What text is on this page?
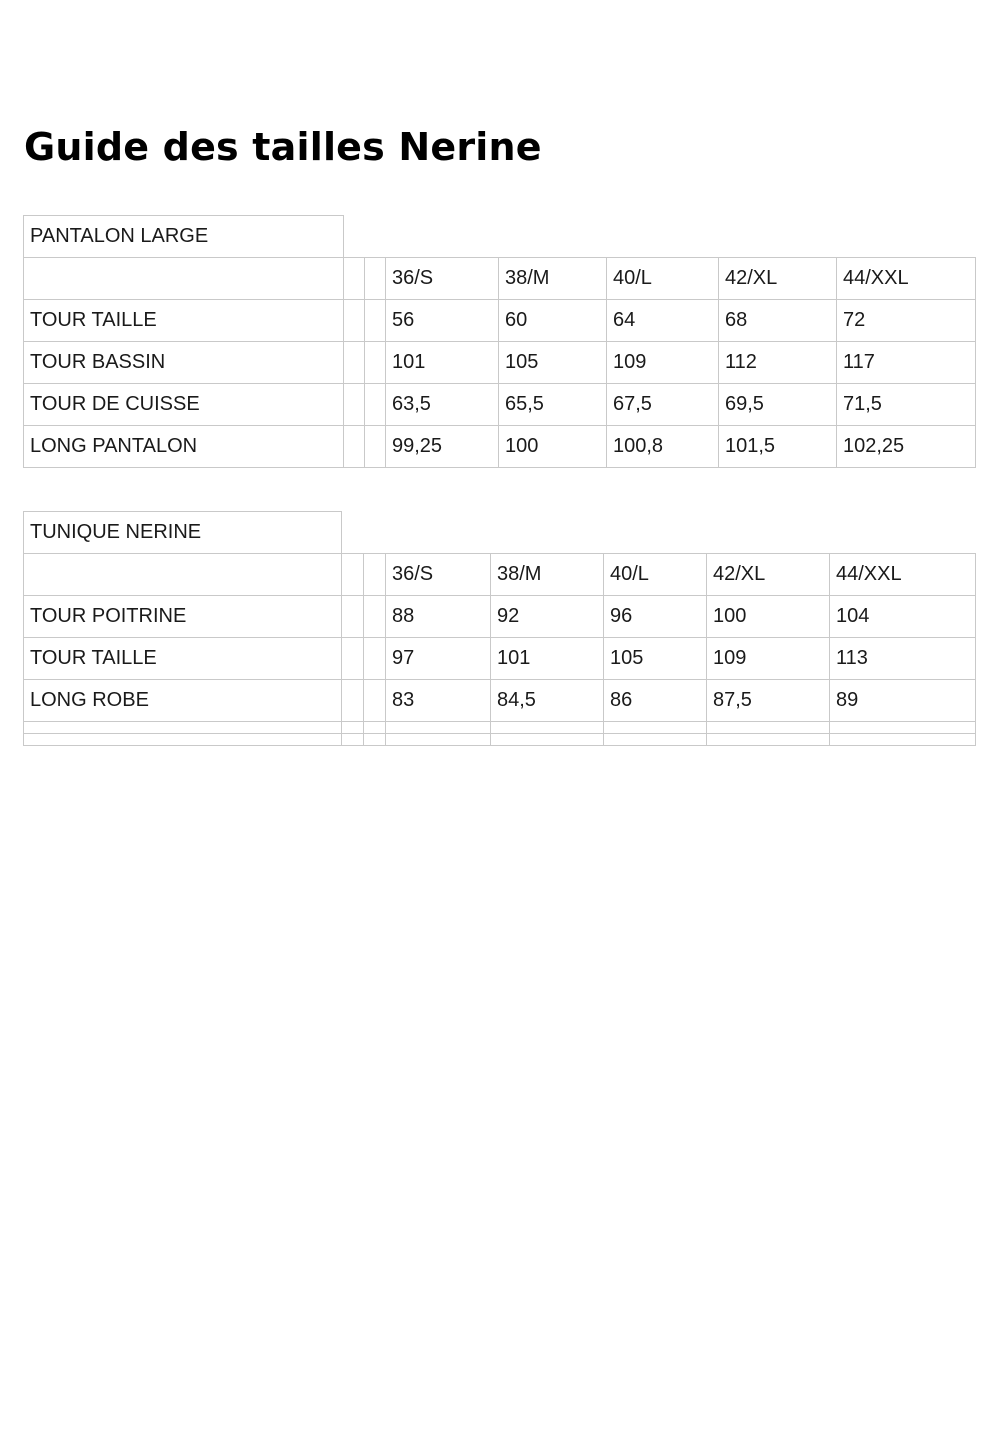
Guide des tailles Nerine
PANTALON LARGE							
			36/S	38/M	40/L	42/XL	44/XXL
TOUR TAILLE			56	60	64	68	72
TOUR BASSIN			101	105	109	112	117
TOUR DE CUISSE			63,5	65,5	67,5	69,5	71,5
LONG PANTALON			99,25	100	100,8	101,5	102,25
TUNIQUE NERINE							
			36/S	38/M	40/L	42/XL	44/XXL
TOUR POITRINE			88	92	96	100	104
TOUR TAILLE			97	101	105	109	113
LONG ROBE			83	84,5	86	87,5	89
